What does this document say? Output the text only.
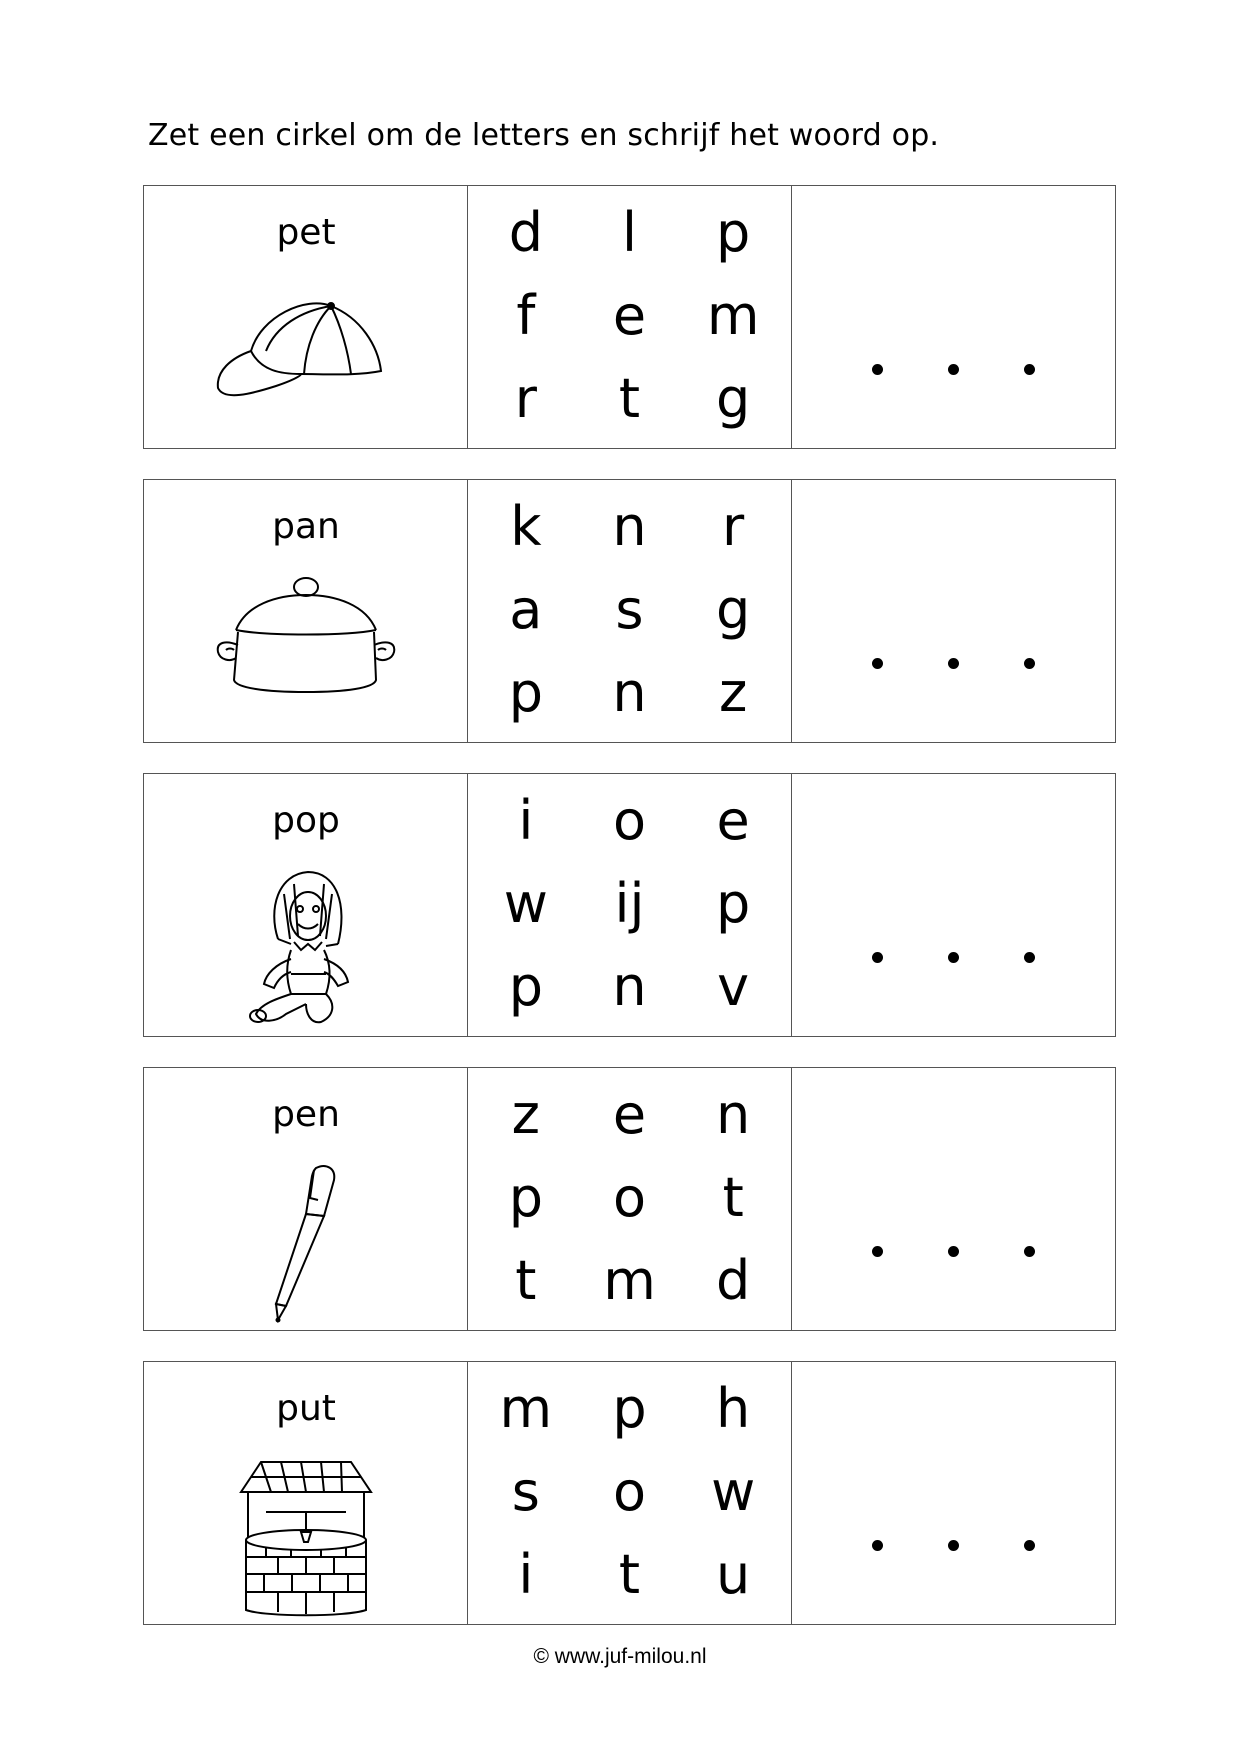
Zet een cirkel om de letters en schrijf het woord op.
pet	d	l	p
f	e	m
r	t	g
pan	k	n	r
a	s	g
p	n	z
pop	i	o	e
w	ij	p
p	n	v
pen	z	e	n
p	o	t
t	m	d
put	m	p	h
s	o	w
i	t	u
© www.juf-milou.nl
